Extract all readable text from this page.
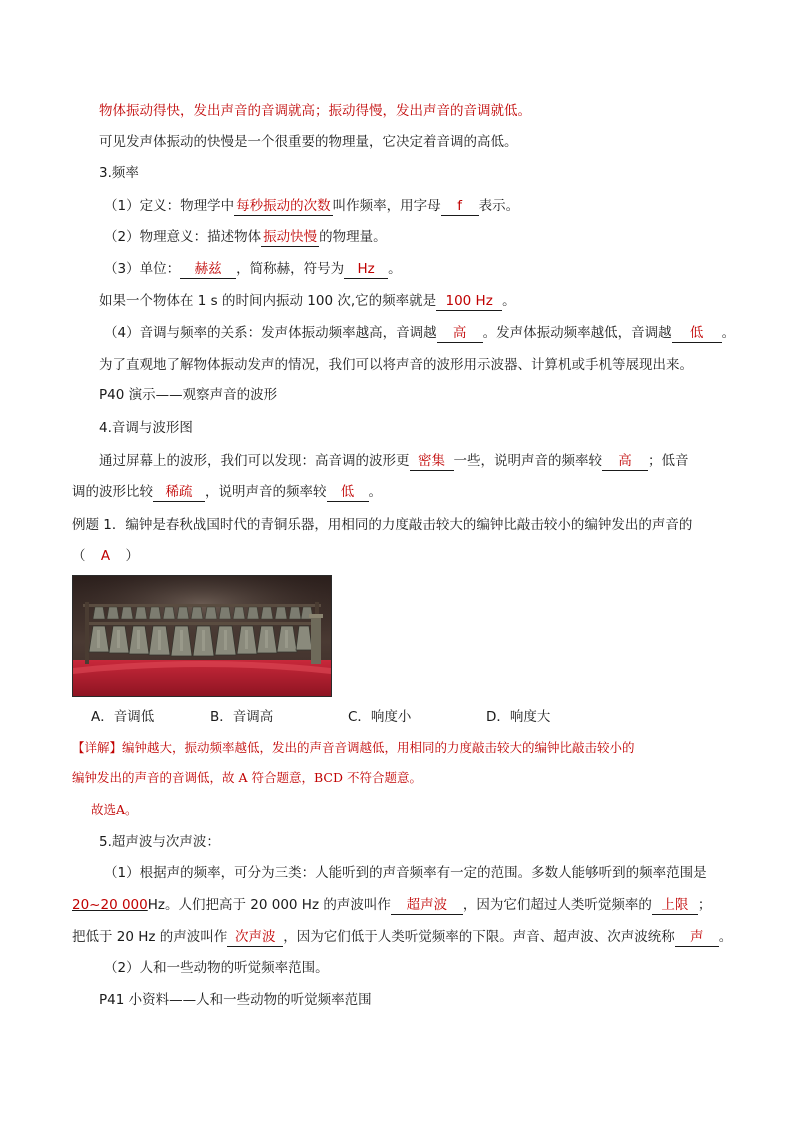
物体振动得快，发出声音的音调就高；振动得慢，发出声音的音调就低。
可见发声体振动的快慢是一个很重要的物理量，它决定着音调的高低。
3.频率
（1）定义：物理学中 每秒振动的次数 叫作频率，用字母 f 表示。
（2）物理意义：描述物体 振动快慢 的物理量。
（3）单位： 赫兹 ，简称赫，符号为 Hz 。
如果一个物体在 1 s 的时间内振动 100 次,它的频率就是 100 Hz 。
（4）音调与频率的关系：发声体振动频率越高，音调越 高 。发声体振动频率越低，音调越 低 。
为了直观地了解物体振动发声的情况，我们可以将声音的波形用示波器、计算机或手机等展现出来。
P40 演示——观察声音的波形
4.音调与波形图
通过屏幕上的波形，我们可以发现：高音调的波形更 密集 一些，说明声音的频率较 高 ；低音
调的波形比较 稀疏 ，说明声音的频率较 低 。
例题 1．编钟是春秋战国时代的青铜乐器，用相同的力度敲击较大的编钟比敲击较小的编钟发出的声音的
（ A ）
A．音调低	B．音调高	C．响度小	D．响度大
【详解】编钟越大，振动频率越低，发出的声音音调越低，用相同的力度敲击较大的编钟比敲击较小的
编钟发出的声音的音调低，故 A 符合题意，BCD 不符合题意。
故选A。
5.超声波与次声波：
（1）根据声的频率，可分为三类：人能听到的声音频率有一定的范围。多数人能够听到的频率范围是
20~20 000Hz。人们把高于 20 000 Hz 的声波叫作 超声波 ，因为它们超过人类听觉频率的 上限 ；
把低于 20 Hz 的声波叫作 次声波 ，因为它们低于人类听觉频率的下限。声音、超声波、次声波统称 声 。
（2）人和一些动物的听觉频率范围。
P41 小资料——人和一些动物的听觉频率范围
